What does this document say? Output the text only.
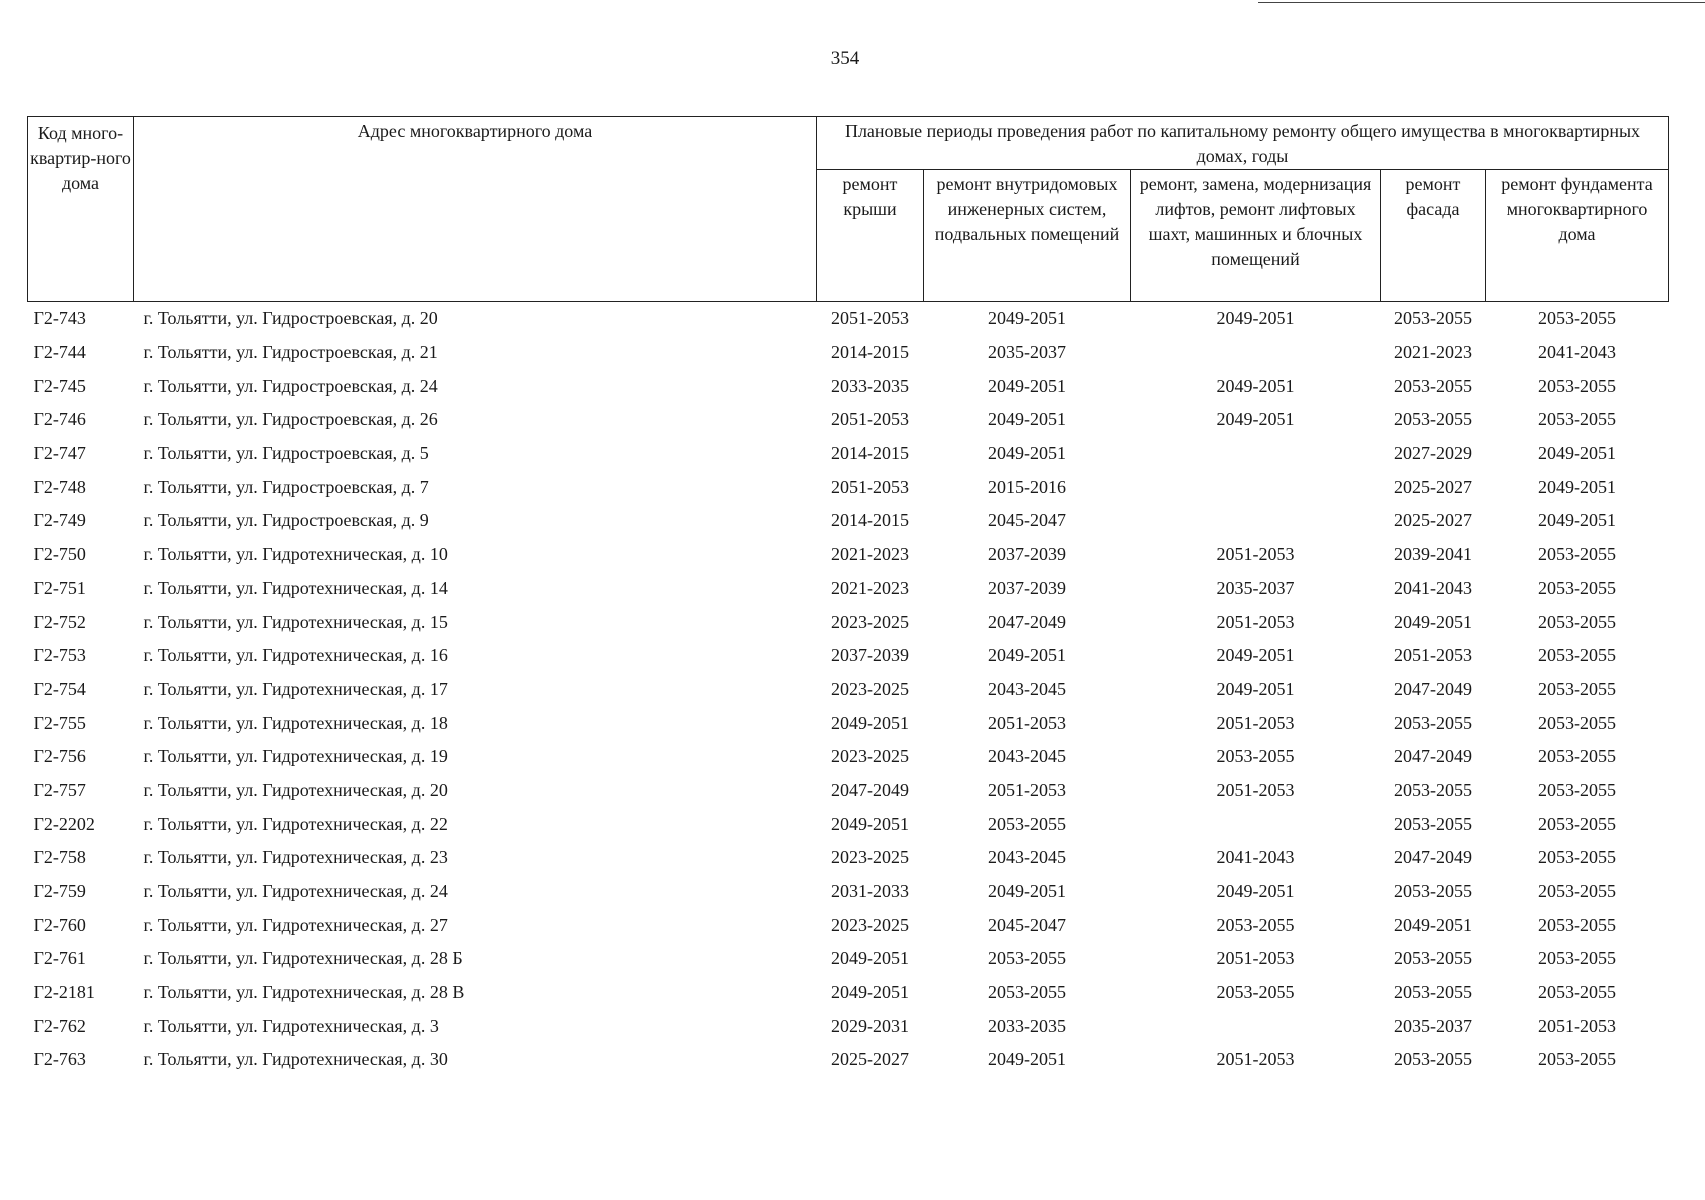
354
Код много-квартир-ного дома	Адрес многоквартирного дома	Плановые периоды проведения работ по капитальному ремонту общего имущества в многоквартирных домах, годы				
		ремонт крыши	ремонт внутридомовых инженерных систем, подвальных помещений	ремонт, замена, модернизация лифтов, ремонт лифтовых шахт, машинных и блочных помещений	ремонт фасада	ремонт фундамента многоквартирного дома
Г2-743	г. Тольятти, ул. Гидростроевская, д. 20	2051-2053	2049-2051	2049-2051	2053-2055	2053-2055
Г2-744	г. Тольятти, ул. Гидростроевская, д. 21	2014-2015	2035-2037		2021-2023	2041-2043
Г2-745	г. Тольятти, ул. Гидростроевская, д. 24	2033-2035	2049-2051	2049-2051	2053-2055	2053-2055
Г2-746	г. Тольятти, ул. Гидростроевская, д. 26	2051-2053	2049-2051	2049-2051	2053-2055	2053-2055
Г2-747	г. Тольятти, ул. Гидростроевская, д. 5	2014-2015	2049-2051		2027-2029	2049-2051
Г2-748	г. Тольятти, ул. Гидростроевская, д. 7	2051-2053	2015-2016		2025-2027	2049-2051
Г2-749	г. Тольятти, ул. Гидростроевская, д. 9	2014-2015	2045-2047		2025-2027	2049-2051
Г2-750	г. Тольятти, ул. Гидротехническая, д. 10	2021-2023	2037-2039	2051-2053	2039-2041	2053-2055
Г2-751	г. Тольятти, ул. Гидротехническая, д. 14	2021-2023	2037-2039	2035-2037	2041-2043	2053-2055
Г2-752	г. Тольятти, ул. Гидротехническая, д. 15	2023-2025	2047-2049	2051-2053	2049-2051	2053-2055
Г2-753	г. Тольятти, ул. Гидротехническая, д. 16	2037-2039	2049-2051	2049-2051	2051-2053	2053-2055
Г2-754	г. Тольятти, ул. Гидротехническая, д. 17	2023-2025	2043-2045	2049-2051	2047-2049	2053-2055
Г2-755	г. Тольятти, ул. Гидротехническая, д. 18	2049-2051	2051-2053	2051-2053	2053-2055	2053-2055
Г2-756	г. Тольятти, ул. Гидротехническая, д. 19	2023-2025	2043-2045	2053-2055	2047-2049	2053-2055
Г2-757	г. Тольятти, ул. Гидротехническая, д. 20	2047-2049	2051-2053	2051-2053	2053-2055	2053-2055
Г2-2202	г. Тольятти, ул. Гидротехническая, д. 22	2049-2051	2053-2055		2053-2055	2053-2055
Г2-758	г. Тольятти, ул. Гидротехническая, д. 23	2023-2025	2043-2045	2041-2043	2047-2049	2053-2055
Г2-759	г. Тольятти, ул. Гидротехническая, д. 24	2031-2033	2049-2051	2049-2051	2053-2055	2053-2055
Г2-760	г. Тольятти, ул. Гидротехническая, д. 27	2023-2025	2045-2047	2053-2055	2049-2051	2053-2055
Г2-761	г. Тольятти, ул. Гидротехническая, д. 28 Б	2049-2051	2053-2055	2051-2053	2053-2055	2053-2055
Г2-2181	г. Тольятти, ул. Гидротехническая, д. 28 В	2049-2051	2053-2055	2053-2055	2053-2055	2053-2055
Г2-762	г. Тольятти, ул. Гидротехническая, д. 3	2029-2031	2033-2035		2035-2037	2051-2053
Г2-763	г. Тольятти, ул. Гидротехническая, д. 30	2025-2027	2049-2051	2051-2053	2053-2055	2053-2055
